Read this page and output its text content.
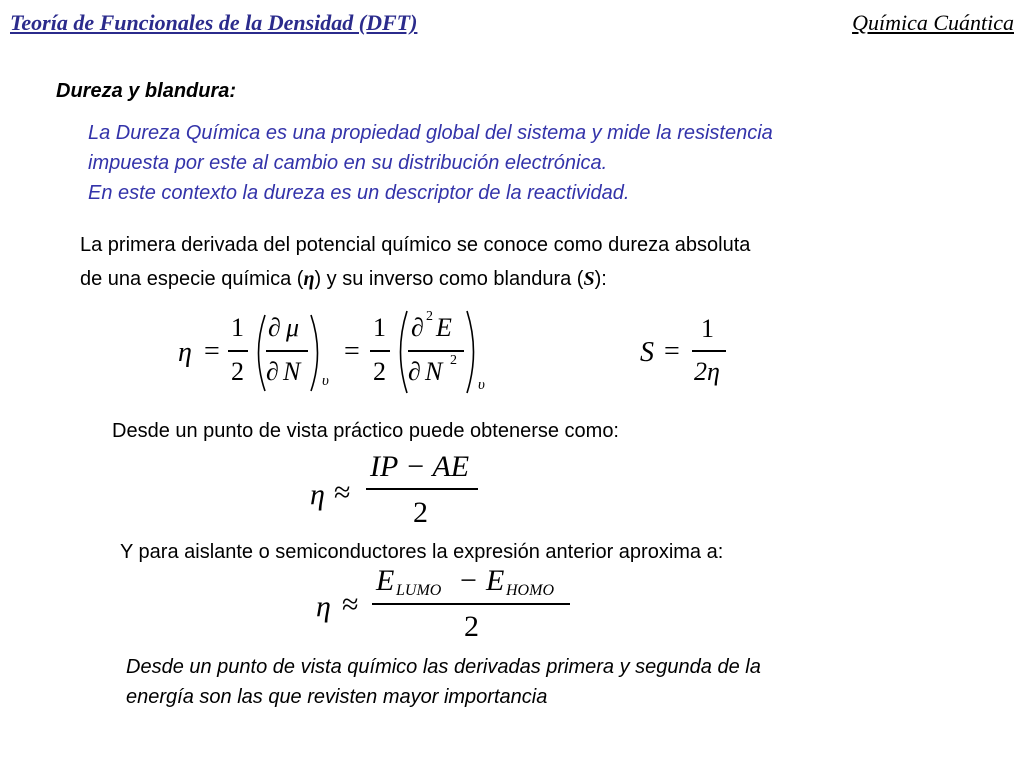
Teoría de Funcionales de la Densidad (DFT)	Química Cuántica
Dureza y blandura:
La Dureza Química es una propiedad global del sistema y mide la resistencia
impuesta por este al cambio en su distribución electrónica.
En este contexto la dureza es un descriptor de la reactividad.
La primera derivada del potencial químico se conoce como dureza absoluta
de una especie química (η) y su inverso como blandura (S):
η =
1
2
∂ μ
∂ N υ
=
1
2
∂ 2 E
∂ N 2
υ
S =
1
2η
Desde un punto de vista práctico puede obtenerse como:
η ≈
IP − AE
2
Y para aislante o semiconductores la expresión anterior aproxima a:
η ≈
E LUMO − E HOMO
2
Desde un punto de vista químico las derivadas primera y segunda de la
energía son las que revisten mayor importancia
